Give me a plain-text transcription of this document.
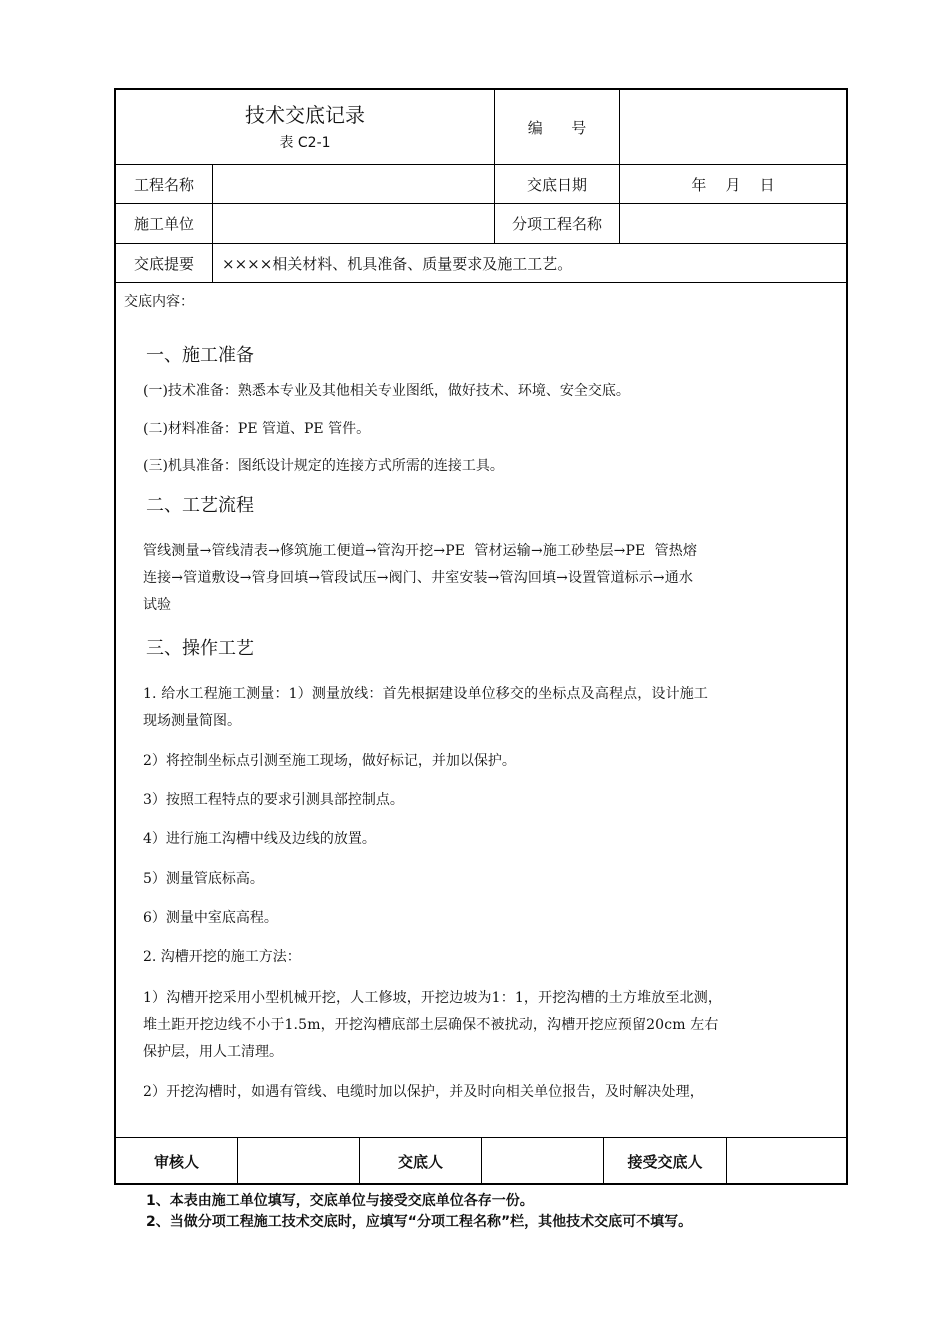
技术交底记录
表 C2-1
编      号
工程名称	交底日期	年    月    日
施工单位	分项工程名称
交底提要	××××相关材料、机具准备、质量要求及施工工艺。
交底内容：
一、施工准备
(一)技术准备：熟悉本专业及其他相关专业图纸，做好技术、环境、安全交底。
(二)材料准备：PE 管道、PE 管件。
(三)机具准备：图纸设计规定的连接方式所需的连接工具。
二、工艺流程
管线测量→管线清表→修筑施工便道→管沟开挖→PE  管材运输→施工砂垫层→PE  管热熔
连接→管道敷设→管身回填→管段试压→阀门、井室安装→管沟回填→设置管道标示→通水
试验
三、操作工艺
1. 给水工程施工测量：1）测量放线：首先根据建设单位移交的坐标点及高程点，设计施工
现场测量简图。
2）将控制坐标点引测至施工现场，做好标记，并加以保护。
3）按照工程特点的要求引测具部控制点。
4）进行施工沟槽中线及边线的放置。
5）测量管底标高。
6）测量中室底高程。
2. 沟槽开挖的施工方法：
1）沟槽开挖采用小型机械开挖，人工修坡，开挖边坡为1：1，开挖沟槽的土方堆放至北测，
堆土距开挖边线不小于1.5m，开挖沟槽底部土层确保不被扰动，沟槽开挖应预留20cm 左右
保护层，用人工清理。
2）开挖沟槽时，如遇有管线、电缆时加以保护，并及时向相关单位报告，及时解决处理，
审核人	交底人	接受交底人
1、本表由施工单位填写，交底单位与接受交底单位各存一份。
2、当做分项工程施工技术交底时，应填写“分项工程名称”栏，其他技术交底可不填写。
